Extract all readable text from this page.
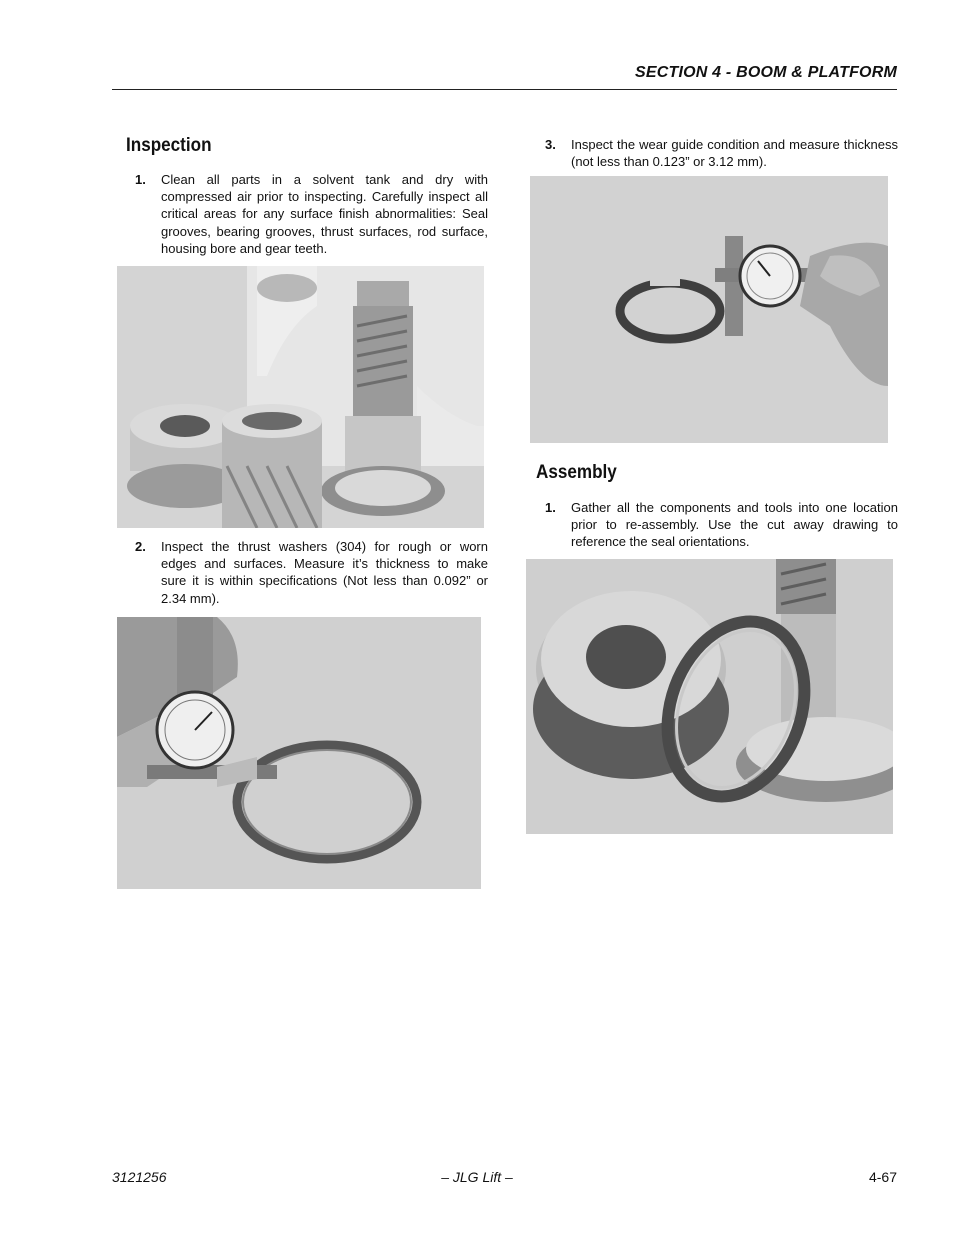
SECTION 4 - BOOM & PLATFORM
Inspection
1.	Clean all parts in a solvent tank and dry with compressed air prior to inspecting. Carefully inspect all critical areas for any surface finish abnormalities: Seal grooves, bearing grooves, thrust surfaces, rod surface, housing bore and gear teeth.
2.	Inspect the thrust washers (304) for rough or worn edges and surfaces. Measure it’s thickness to make sure it is within specifications (Not less than 0.092” or 2.34 mm).
3.	Inspect the wear guide condition and measure thickness (not less than 0.123” or 3.12 mm).
Assembly
1.	Gather all the components and tools into one location prior to re-assembly. Use the cut away drawing to reference the seal orientations.
3121256	– JLG Lift –	4-67
